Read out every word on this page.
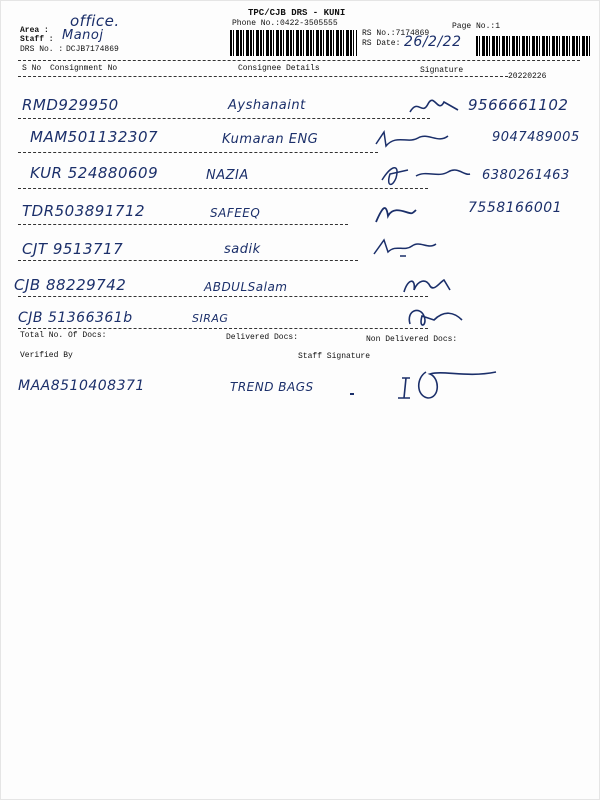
TPC/CJB DRS - KUNI
Phone No.:0422-3505555	Page No.:1
Area :
office.
Staff : Manoj
DRS No. : DCJB7174869
RS No.:7174869
RS Date: 26/2/22
S No Consignment No	Consignee Details	Signature
20220226
RMD929950	Ayshanaint	9566661102
MAM501132307	Kumaran ENG	9047489005
KUR 524880609	NAZIA	6380261463
TDR503891712	SAFEEQ	7558166001
CJT 9513717	sadik
CJB 88229742	ABDULSalam
CJB 51366361b	SIRAG
Total No. Of Docs:	Delivered Docs:	Non Delivered Docs:
Verified By	Staff Signature
MAA8510408371	TREND BAGS
